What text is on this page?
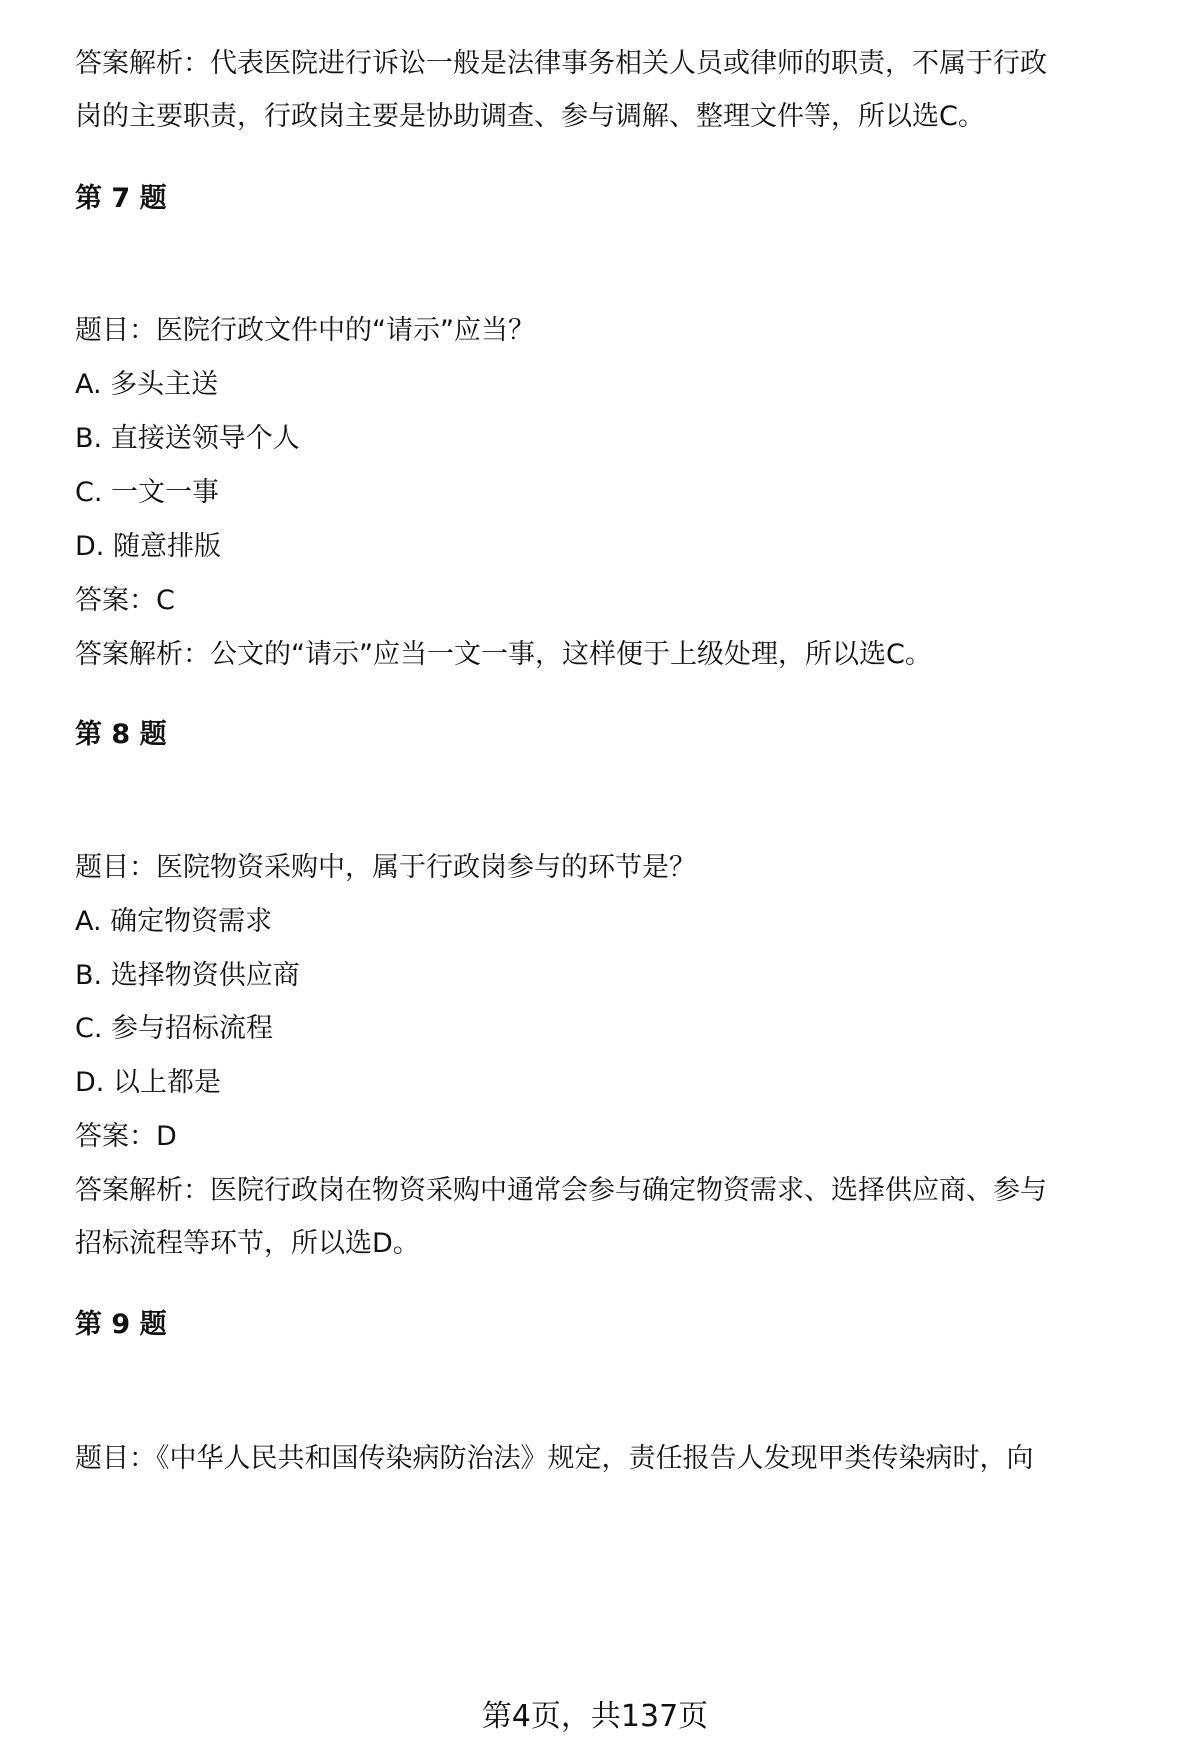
答案解析：代表医院进行诉讼一般是法律事务相关人员或律师的职责，不属于行政
岗的主要职责，行政岗主要是协助调查、参与调解、整理文件等，所以选C。
第 7 题
题目：医院行政文件中的“请示”应当？
A. 多头主送
B. 直接送领导个人
C. 一文一事
D. 随意排版
答案：C
答案解析：公文的“请示”应当一文一事，这样便于上级处理，所以选C。
第 8 题
题目：医院物资采购中，属于行政岗参与的环节是？
A. 确定物资需求
B. 选择物资供应商
C. 参与招标流程
D. 以上都是
答案：D
答案解析：医院行政岗在物资采购中通常会参与确定物资需求、选择供应商、参与
招标流程等环节，所以选D。
第 9 题
题目：《中华人民共和国传染病防治法》规定，责任报告人发现甲类传染病时，向
第4页，共137页
